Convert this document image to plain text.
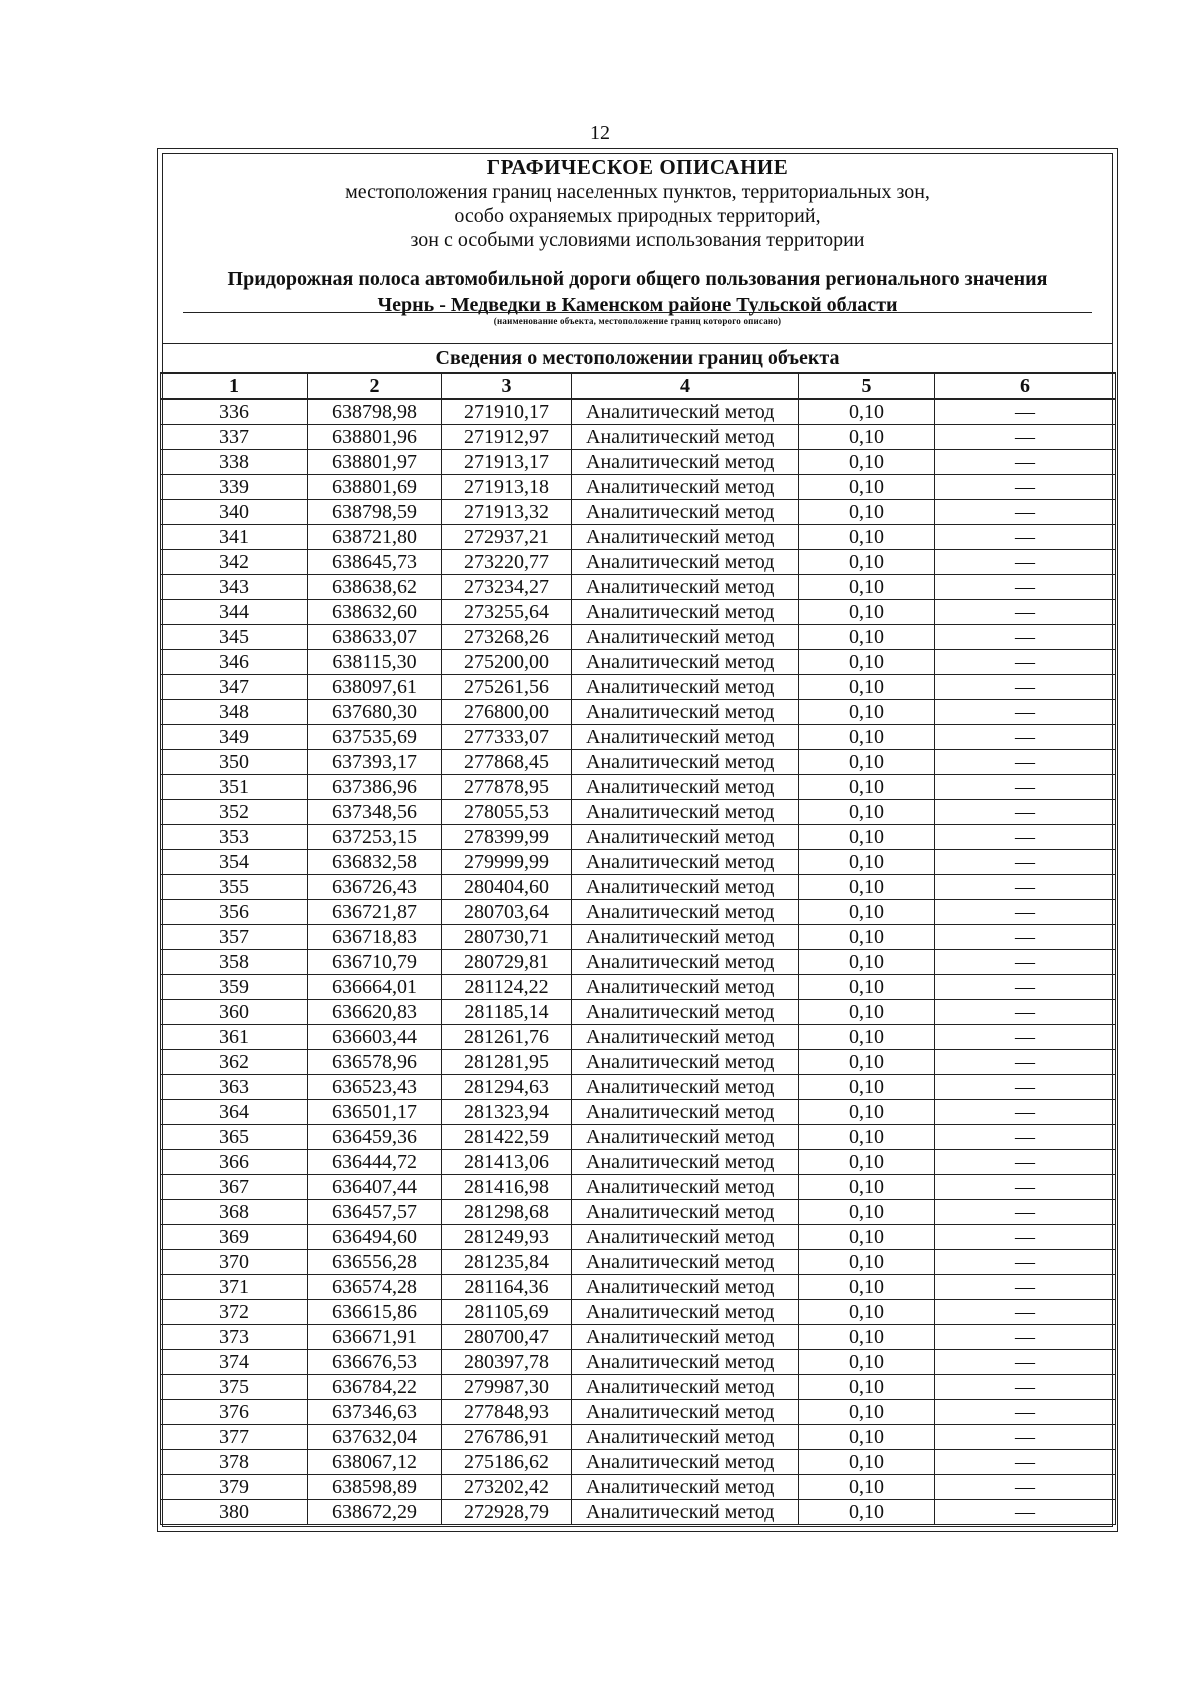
12
ГРАФИЧЕСКОЕ ОПИСАНИЕ
местоположения границ населенных пунктов, территориальных зон,
особо охраняемых природных территорий,
зон с особыми условиями использования территории
Придорожная полоса автомобильной дороги общего пользования регионального значения
Чернь - Медведки в Каменском районе Тульской области
(наименование объекта, местоположение границ которого описано)
Сведения о местоположении границ объекта
1	2	3	4	5	6
336	638798,98	271910,17	Аналитический метод	0,10	—
337	638801,96	271912,97	Аналитический метод	0,10	—
338	638801,97	271913,17	Аналитический метод	0,10	—
339	638801,69	271913,18	Аналитический метод	0,10	—
340	638798,59	271913,32	Аналитический метод	0,10	—
341	638721,80	272937,21	Аналитический метод	0,10	—
342	638645,73	273220,77	Аналитический метод	0,10	—
343	638638,62	273234,27	Аналитический метод	0,10	—
344	638632,60	273255,64	Аналитический метод	0,10	—
345	638633,07	273268,26	Аналитический метод	0,10	—
346	638115,30	275200,00	Аналитический метод	0,10	—
347	638097,61	275261,56	Аналитический метод	0,10	—
348	637680,30	276800,00	Аналитический метод	0,10	—
349	637535,69	277333,07	Аналитический метод	0,10	—
350	637393,17	277868,45	Аналитический метод	0,10	—
351	637386,96	277878,95	Аналитический метод	0,10	—
352	637348,56	278055,53	Аналитический метод	0,10	—
353	637253,15	278399,99	Аналитический метод	0,10	—
354	636832,58	279999,99	Аналитический метод	0,10	—
355	636726,43	280404,60	Аналитический метод	0,10	—
356	636721,87	280703,64	Аналитический метод	0,10	—
357	636718,83	280730,71	Аналитический метод	0,10	—
358	636710,79	280729,81	Аналитический метод	0,10	—
359	636664,01	281124,22	Аналитический метод	0,10	—
360	636620,83	281185,14	Аналитический метод	0,10	—
361	636603,44	281261,76	Аналитический метод	0,10	—
362	636578,96	281281,95	Аналитический метод	0,10	—
363	636523,43	281294,63	Аналитический метод	0,10	—
364	636501,17	281323,94	Аналитический метод	0,10	—
365	636459,36	281422,59	Аналитический метод	0,10	—
366	636444,72	281413,06	Аналитический метод	0,10	—
367	636407,44	281416,98	Аналитический метод	0,10	—
368	636457,57	281298,68	Аналитический метод	0,10	—
369	636494,60	281249,93	Аналитический метод	0,10	—
370	636556,28	281235,84	Аналитический метод	0,10	—
371	636574,28	281164,36	Аналитический метод	0,10	—
372	636615,86	281105,69	Аналитический метод	0,10	—
373	636671,91	280700,47	Аналитический метод	0,10	—
374	636676,53	280397,78	Аналитический метод	0,10	—
375	636784,22	279987,30	Аналитический метод	0,10	—
376	637346,63	277848,93	Аналитический метод	0,10	—
377	637632,04	276786,91	Аналитический метод	0,10	—
378	638067,12	275186,62	Аналитический метод	0,10	—
379	638598,89	273202,42	Аналитический метод	0,10	—
380	638672,29	272928,79	Аналитический метод	0,10	—
